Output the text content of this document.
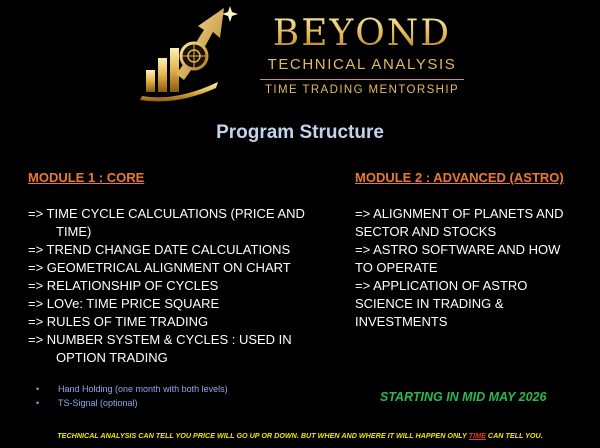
BEYOND
TECHNICAL ANALYSIS
TIME TRADING MENTORSHIP
Program Structure
MODULE 1 : CORE
=> TIME CYCLE CALCULATIONS (PRICE AND TIME)
=> TREND CHANGE DATE CALCULATIONS
=> GEOMETRICAL ALIGNMENT ON CHART
=> RELATIONSHIP OF CYCLES
=> LOVe: TIME PRICE SQUARE
=> RULES OF TIME TRADING
=> NUMBER SYSTEM & CYCLES : USED IN OPTION TRADING
MODULE 2 : ADVANCED (ASTRO)
=> ALIGNMENT OF PLANETS AND SECTOR AND STOCKS
=> ASTRO SOFTWARE AND HOW TO OPERATE
=> APPLICATION OF ASTRO SCIENCE IN TRADING & INVESTMENTS
• Hand Holding (one month with both levels)
• TS-Signal (optional)	STARTING IN MID MAY 2026
TECHNICAL ANALYSIS CAN TELL YOU PRICE WILL GO UP OR DOWN. BUT WHEN AND WHERE IT WILL HAPPEN ONLY TIME CAN TELL YOU.
